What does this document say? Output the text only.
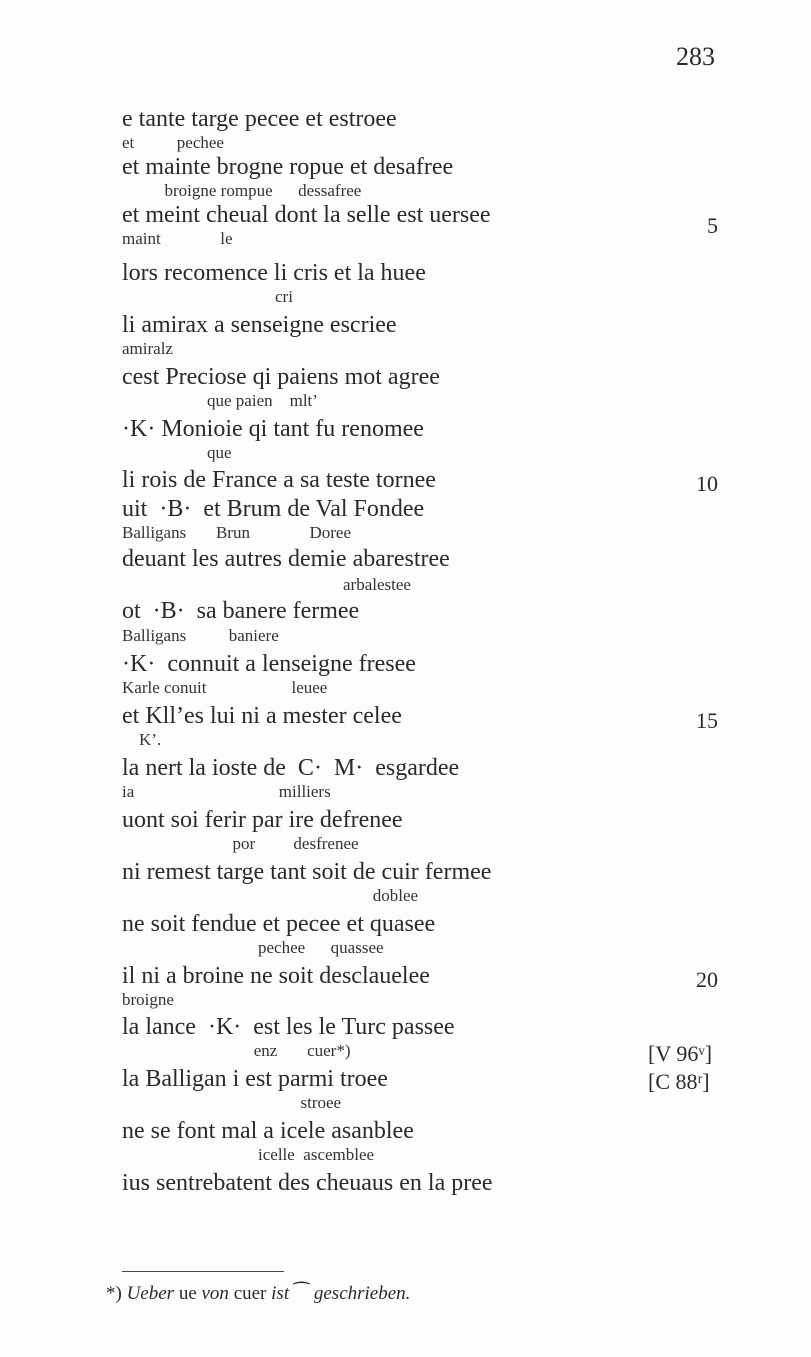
283
e tante targe pecee et estroee
et          pechee
et mainte brogne ropue et desafree
broigne rompue      dessafree
et meint cheual dont la selle est uersee
maint              le
lors recomence li cris et la huee
cri
li amirax a senseigne escriee
amiralz
cest Preciose qi paiens mot agree
que paien    mlt’
·K· Monioie qi tant fu renomee
que
li rois de France a sa teste tornee
uit  ·B·  et Brum de Val Fondee
Balligans       Brun              Doree
deuant les autres demie abarestree
arbalestee
ot  ·B·  sa banere fermee
Balligans          baniere
·K·  connuit a lenseigne fresee
Karle conuit                    leuee
et Kll’es lui ni a mester celee
K’.
la nert la ioste de  C·  M·  esgardee
ia                                  milliers
uont soi ferir par ire defrenee
por         desfrenee
ni remest targe tant soit de cuir fermee
doblee
ne soit fendue et pecee et quasee
pechee      quassee
il ni a broine ne soit desclauelee
broigne
la lance  ·K·  est les le Turc passee
enz       cuer*)
la Balligan i est parmi troee
stroee
ne se font mal a icele asanblee
icelle  ascemblee
ius sentrebatent des cheuaus en la pree
5
10
15
20
[V 96ᵛ]
[C 88ʳ]
*) Ueber ue von cuer ist ⁀ geschrieben.
